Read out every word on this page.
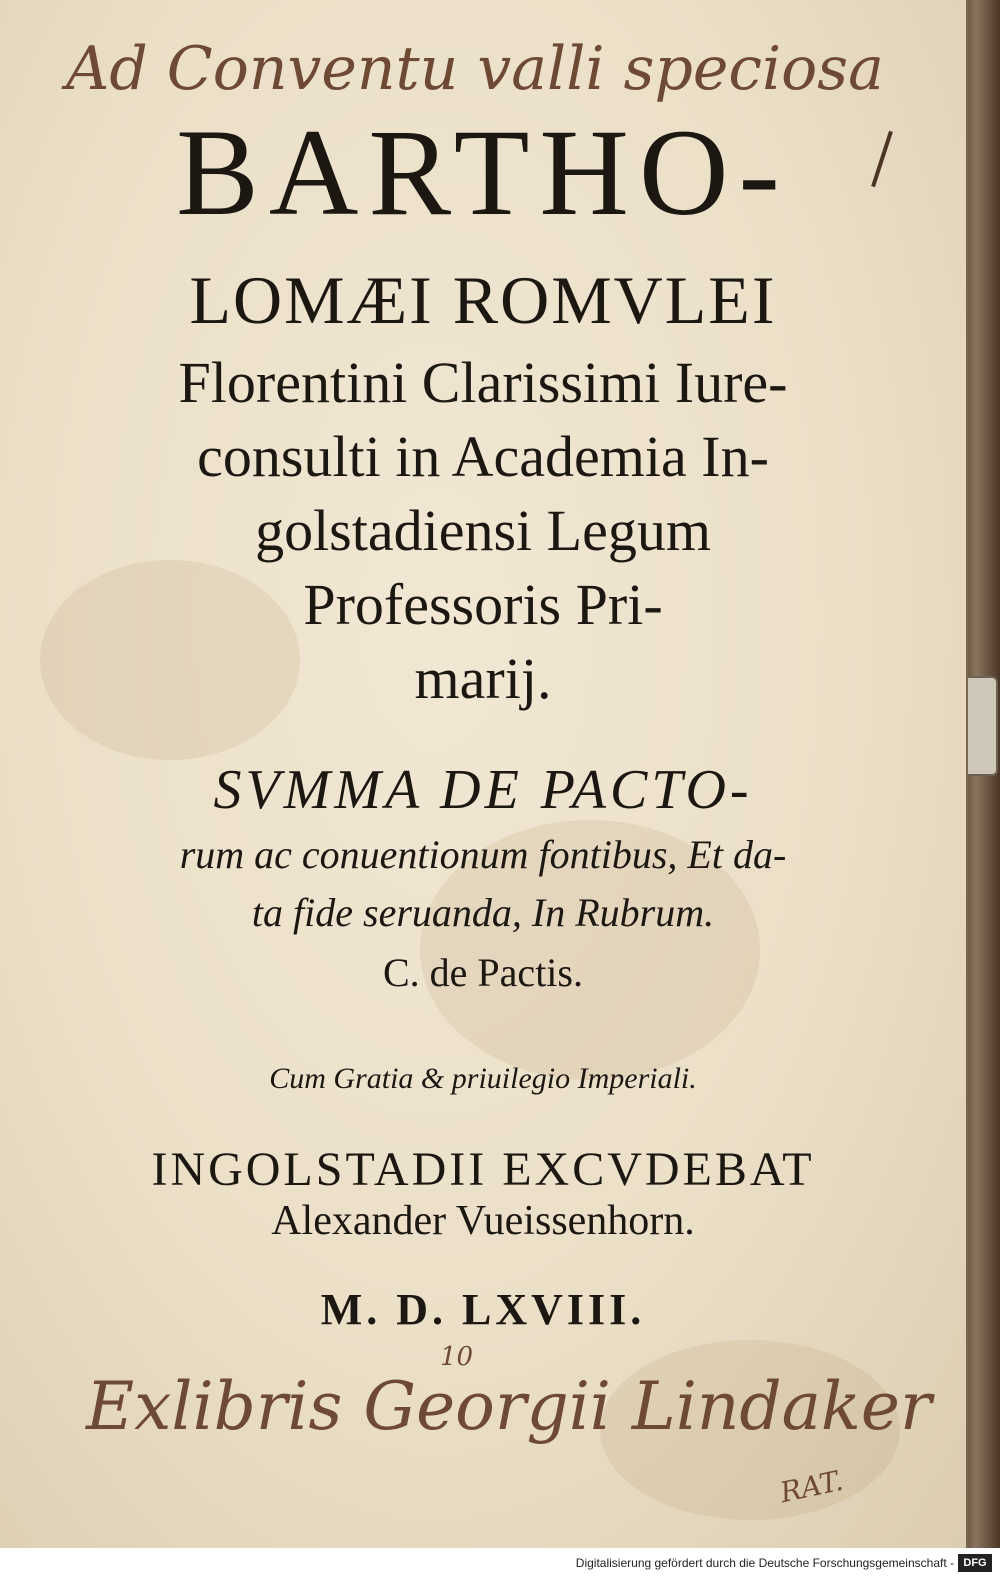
Ad Conventu valli speciosa
BARTHO-
LOMÆI ROMVLEI
Florentini Clarissimi Iure-
consulti in Academia In-
golstadiensi Legum
Professoris Pri-
marij.
SVMMA DE PACTO-
rum ac conuentionum fontibus, Et da-
ta fide seruanda, In Rubrum.
C. de Pactis.
Cum Gratia & priuilegio Imperiali.
INGOLSTADII EXCVDEBAT
Alexander Vueissenhorn.
M. D. LXVIII.
Exlibris Georgii Lindaker
10
RAT.
Digitalisierung gefördert durch die Deutsche Forschungsgemeinschaft - DFG
